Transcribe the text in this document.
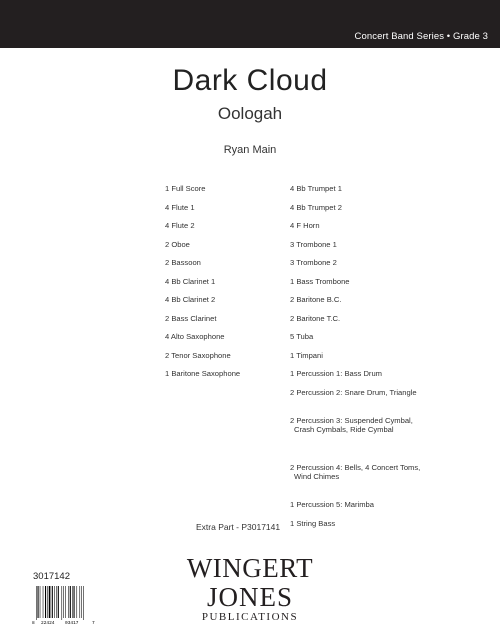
Concert Band Series • Grade 3
Dark Cloud
Oologah
Ryan Main
1 Full Score
4 Flute 1
4 Flute 2
2 Oboe
2 Bassoon
4 Bb Clarinet 1
4 Bb Clarinet 2
2 Bass Clarinet
4 Alto Saxophone
2 Tenor Saxophone
1 Baritone Saxophone
4 Bb Trumpet 1
4 Bb Trumpet 2
4 F Horn
3 Trombone 1
3 Trombone 2
1 Bass Trombone
2 Baritone B.C.
2 Baritone T.C.
5 Tuba
1 Timpani
1 Percussion 1: Bass Drum
2 Percussion 2: Snare Drum, Triangle

2 Percussion 3: Suspended Cymbal,

Crash Cymbals, Ride Cymbal

2 Percussion 4: Bells, 4 Concert Toms,

Wind Chimes

1 Percussion 5: Marimba
1 String Bass
Extra Part - P3017141
3017142
8 22424 03417	7
WINGERT
JONES
PUBLICATIONS
